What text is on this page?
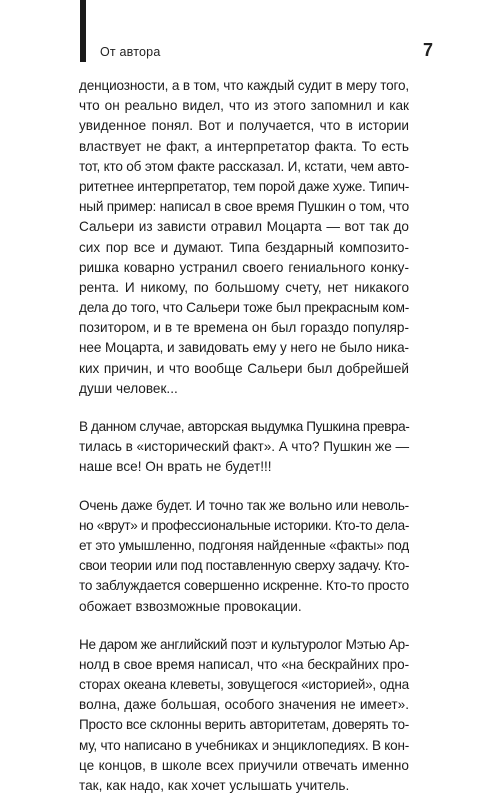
От автора	7
денциозности, а в том, что каждый судит в меру того,
что он реально видел, что из этого запомнил и как
увиденное понял. Вот и получается, что в истории
властвует не факт, а интерпретатор факта. То есть
тот, кто об этом факте рассказал. И, кстати, чем авто-
ритетнее интерпретатор, тем порой даже хуже. Типич-
ный пример: написал в свое время Пушкин о том, что
Сальери из зависти отравил Моцарта — вот так до
сих пор все и думают. Типа бездарный композито-
ришка коварно устранил своего гениального конку-
рента. И никому, по большому счету, нет никакого
дела до того, что Сальери тоже был прекрасным ком-
позитором, и в те времена он был гораздо популяр-
нее Моцарта, и завидовать ему у него не было ника-
ких причин, и что вообще Сальери был добрейшей
души человек...
В данном случае, авторская выдумка Пушкина превра-
тилась в «исторический факт». А что? Пушкин же —
наше все! Он врать не будет!!!
Очень даже будет. И точно так же вольно или неволь-
но «врут» и профессиональные историки. Кто-то дела-
ет это умышленно, подгоняя найденные «факты» под
свои теории или под поставленную сверху задачу. Кто-
то заблуждается совершенно искренне. Кто-то просто
обожает взвозможные провокации.
Не даром же английский поэт и культуролог Мэтью Ар-
нолд в свое время написал, что «на бескрайних про-
сторах океана клеветы, зовущегося «историей», одна
волна, даже большая, особого значения не имеет».
Просто все склонны верить авторитетам, доверять то-
му, что написано в учебниках и энциклопедиях. В кон-
це концов, в школе всех приучили отвечать именно
так, как надо, как хочет услышать учитель.
